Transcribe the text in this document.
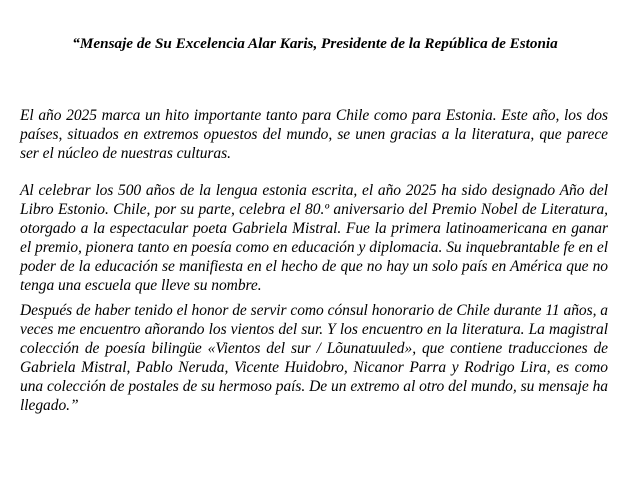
“Mensaje de Su Excelencia Alar Karis, Presidente de la República de Estonia

El año 2025 marca un hito importante tanto para Chile como para Estonia. Este año, los dos países, situados en extremos opuestos del mundo, se unen gracias a la literatura, que parece ser el núcleo de nuestras culturas.

Al celebrar los 500 años de la lengua estonia escrita, el año 2025 ha sido designado Año del Libro Estonio. Chile, por su parte, celebra el 80.º aniversario del Premio Nobel de Literatura, otorgado a la espectacular poeta Gabriela Mistral. Fue la primera latinoamericana en ganar el premio, pionera tanto en poesía como en educación y diplomacia. Su inquebrantable fe en el poder de la educación se manifiesta en el hecho de que no hay un solo país en América que no tenga una escuela que lleve su nombre.

Después de haber tenido el honor de servir como cónsul honorario de Chile durante 11 años, a veces me encuentro añorando los vientos del sur. Y los encuentro en la literatura. La magistral colección de poesía bilingüe «Vientos del sur / Lõunatuuled», que contiene traducciones de Gabriela Mistral, Pablo Neruda, Vicente Huidobro, Nicanor Parra y Rodrigo Lira, es como una colección de postales de su hermoso país. De un extremo al otro del mundo, su mensaje ha llegado.”
